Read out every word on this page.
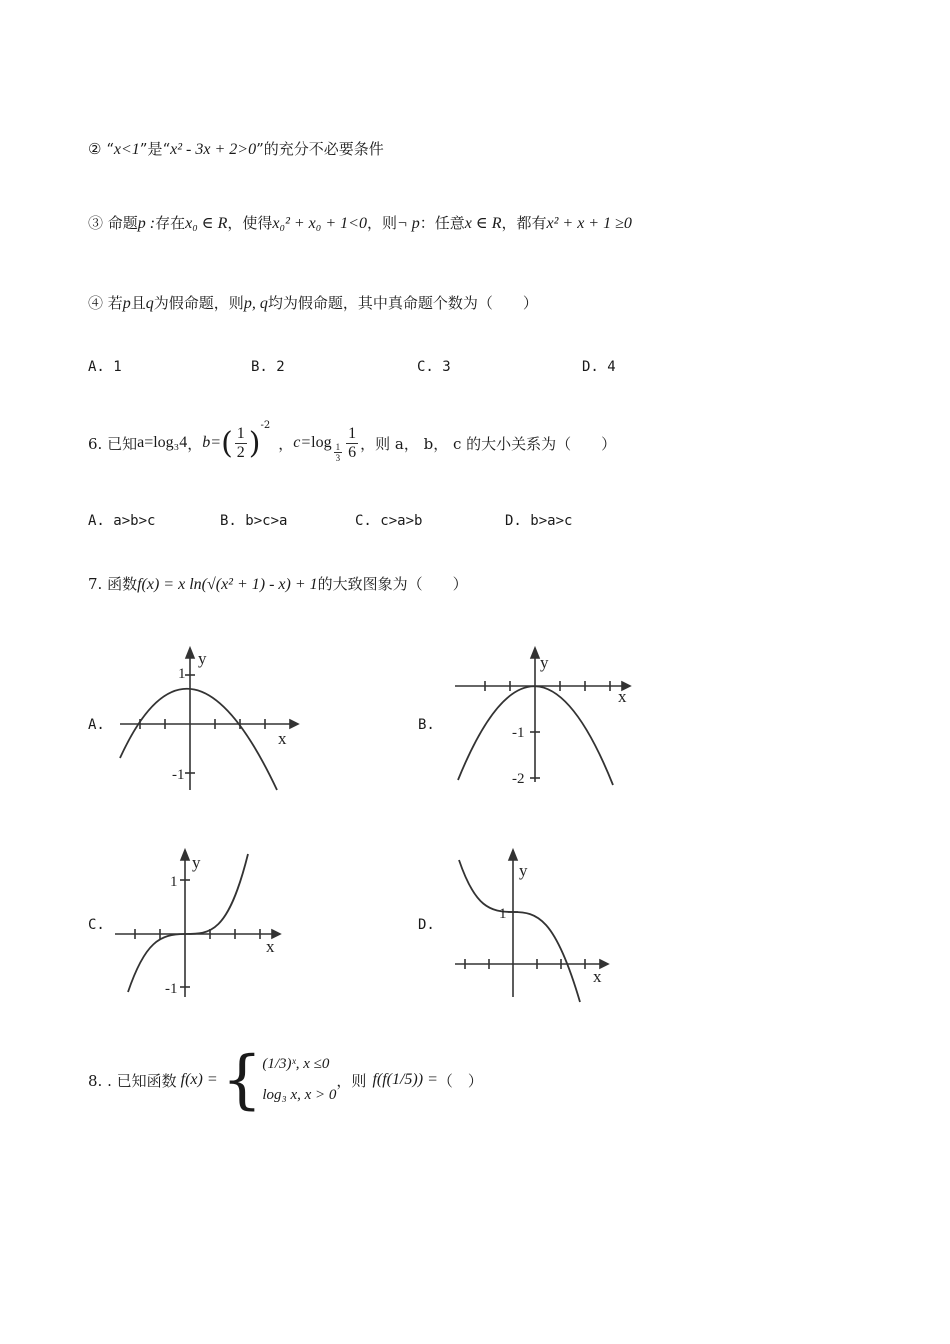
② “x<1”是“x² - 3x + 2>0”的充分不必要条件
③ 命题p :存在x₀ ∈ R，使得x₀² + x₀ + 1<0，则¬ p：任意x ∈ R，都有x² + x + 1 ≥0
④ 若p且q为假命题，则p, q均为假命题，其中真命题个数为（　　）
A. 1	B. 2	C. 3	D. 4
6. 已知 a=log₃4 ， b= ( $\frac{1}{2}$ ) -2
， $c= \log \frac{1}{3} \frac{1}{6}$ ，则 a， b， c 的大小关系为（　　）
A. a>b>c	B. b>c>a	C. c>a>b	D. b>a>c
7. 函数f(x) = x ln(√(x² + 1) - x) + 1的大致图象为（　　）
A.	B.
C.	D.
y
x
1
-1
y
x
-1
-2
y
x
1
-1
y
x
1
8. . 已知函数 f(x) = { (1/3)ˣ, x ≤0
log₃ x, x > 0
，则 f(f(1/5)) = （　）
